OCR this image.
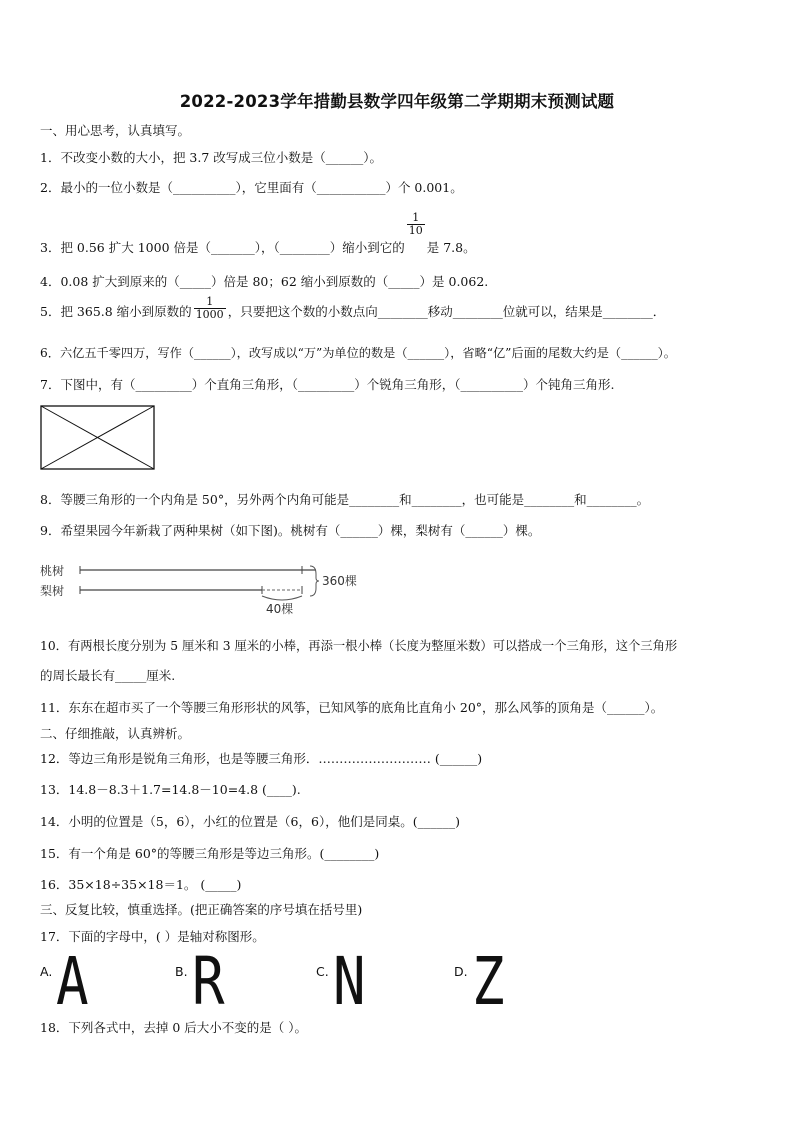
2022-2023学年措勤县数学四年级第二学期期末预测试题
一、用心思考，认真填写。
1．不改变小数的大小，把 3.7 改写成三位小数是（______）。
2．最小的一位小数是（__________），它里面有（___________）个 0.001。
3．把 0.56 扩大 1000 倍是（_______），（________）缩小到它的
$\frac{1}{10}$
是 7.8。
4．0.08 扩大到原来的（_____）倍是 80；62 缩小到原数的（_____）是 0.062.
5．把 365.8 缩小到原数的 $\frac{1}{1000}$ ，只要把这个数的小数点向________移动________位就可以，结果是________．
6．六亿五千零四万，写作（______），改写成以“万”为单位的数是（______），省略“亿”后面的尾数大约是（______）。
7．下图中，有（_________）个直角三角形，（_________）个锐角三角形，（__________）个钝角三角形.
8．等腰三角形的一个内角是 50°，另外两个内角可能是________和________，也可能是________和________。
9．希望果园今年新栽了两种果树（如下图)。桃树有（______）棵，梨树有（______）棵。
桃树
梨树
360棵
40棵
10．有两根长度分别为 5 厘米和 3 厘米的小棒，再添一根小棒（长度为整厘米数）可以搭成一个三角形，这个三角形
的周长最长有_____厘米.
11．东东在超市买了一个等腰三角形形状的风筝，已知风筝的底角比直角小 20°，那么风筝的顶角是（______）。
二、仔细推敲，认真辨析。
12．等边三角形是锐角三角形，也是等腰三角形．……………………… (______)
13．14.8－8.3＋1.7=14.8－10=4.8 (____).
14．小明的位置是（5，6），小红的位置是（6，6），他们是同桌。(______)
15．有一个角是 60°的等腰三角形是等边三角形。(________)
16．35×18÷35×18＝1。 (_____)
三、反复比较，慎重选择。(把正确答案的序号填在括号里)
17．下面的字母中，( ）是轴对称图形。
A. A	B. R	C. N	D. Z
18．下列各式中，去掉 0 后大小不变的是（ ）。
